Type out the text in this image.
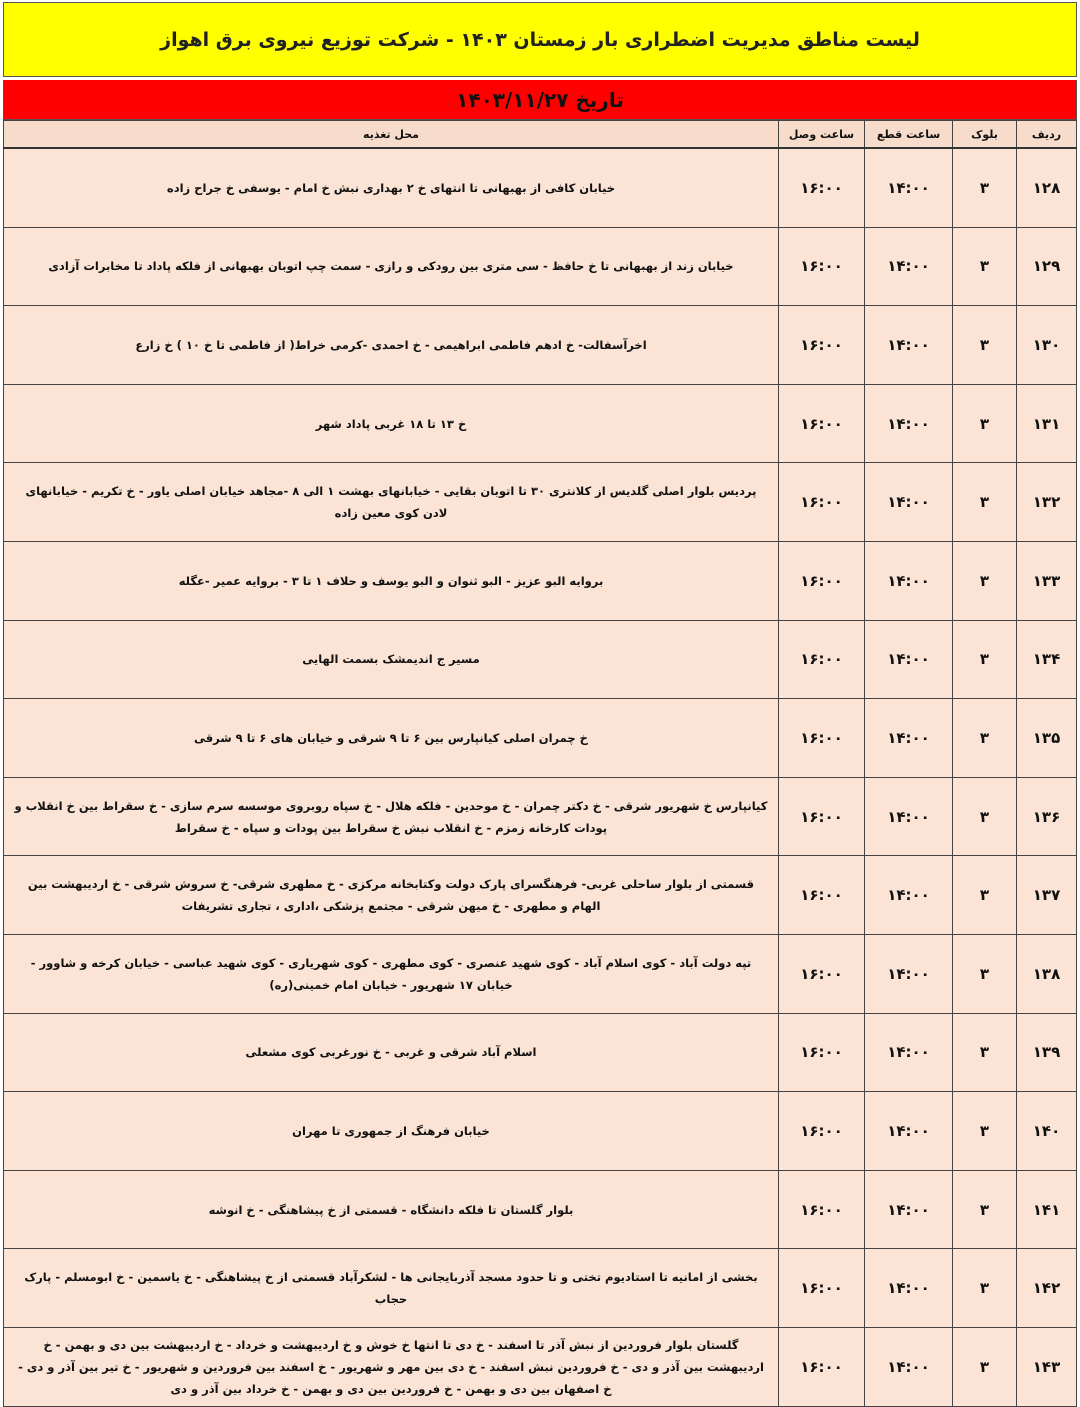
لیست مناطق مدیریت اضطراری بار زمستان ۱۴۰۳ - شرکت توزیع نیروی برق اهواز
تاریخ ۱۴۰۳/۱۱/۲۷
ردیف	بلوک	ساعت قطع	ساعت وصل	محل تغذیه
۱۲۸	۳	۱۴:۰۰	۱۶:۰۰	خیابان کافی از بهبهانی تا انتهای خ ۲ بهداری نبش خ امام - یوسفی خ جراح زاده
۱۲۹	۳	۱۴:۰۰	۱۶:۰۰	خیابان زند از بهبهانی تا خ حافظ - سی متری بین رودکی و رازی - سمت چپ اتوبان بهبهانی از فلکه پاداد تا مخابرات آزادی
۱۳۰	۳	۱۴:۰۰	۱۶:۰۰	اخرآسفالت- خ ادهم فاطمی ابراهیمی - خ احمدی -کرمی خراط( از فاطمی تا خ ۱۰ ) خ زارع
۱۳۱	۳	۱۴:۰۰	۱۶:۰۰	خ ۱۳ تا ۱۸ غربی پاداد شهر
۱۳۲	۳	۱۴:۰۰	۱۶:۰۰	پردیس بلوار اصلی گلدیس از کلانتری ۳۰ تا اتوبان بقایی - خیابانهای بهشت ۱ الی ۸ -مجاهد خیابان اصلی یاور - خ تکریم - خیابانهای لادن کوی معین زاده
۱۳۳	۳	۱۴:۰۰	۱۶:۰۰	بروایه البو عزیز - البو ثنوان و البو یوسف و حلاف ۱ تا ۳ - بروایه عمیر -عگله
۱۳۴	۳	۱۴:۰۰	۱۶:۰۰	مسیر ج اندیمشک بسمت الهایی
۱۳۵	۳	۱۴:۰۰	۱۶:۰۰	خ چمران اصلی کیانپارس بین ۶ تا ۹ شرقی و خیابان های ۶ تا ۹ شرقی
۱۳۶	۳	۱۴:۰۰	۱۶:۰۰	کیانپارس خ شهریور شرقی - خ دکتر چمران - خ موحدین - فلکه هلال - خ سپاه روبروی موسسه سرم سازی - خ سقراط بین خ انقلاب و پودات کارخانه زمزم - خ انقلاب نبش خ سقراط بین پودات و سپاه - خ سقراط
۱۳۷	۳	۱۴:۰۰	۱۶:۰۰	قسمتی از بلوار ساحلی غربی- فرهنگسرای پارک دولت وکتابخانه مرکزی - خ مطهری شرقی- خ سروش شرقی - خ اردیبهشت بین الهام و مطهری - خ میهن شرقی - مجتمع پزشکی ،اداری ، تجاری تشریفات
۱۳۸	۳	۱۴:۰۰	۱۶:۰۰	تپه دولت آباد - کوی اسلام آباد - کوی شهید عنصری - کوی مطهری - کوی شهریاری - کوی شهید عباسی - خیابان کرخه و شاوور - خیابان ۱۷ شهریور - خیابان امام خمینی(ره)
۱۳۹	۳	۱۴:۰۰	۱۶:۰۰	اسلام آباد شرقی و غربی - خ نورغربی کوی مشعلی
۱۴۰	۳	۱۴:۰۰	۱۶:۰۰	خیابان فرهنگ از جمهوری تا مهران
۱۴۱	۳	۱۴:۰۰	۱۶:۰۰	بلوار گلستان تا فلکه دانشگاه - قسمتی از خ پیشاهنگی - خ انوشه
۱۴۲	۳	۱۴:۰۰	۱۶:۰۰	بخشی از امانیه تا استادیوم تختی و تا حدود مسجد آذربایجانی ها - لشکرآباد قسمتی از خ پیشاهنگی - خ یاسمین - خ ابومسلم - پارک حجاب
۱۴۳	۳	۱۴:۰۰	۱۶:۰۰	گلستان بلوار فروردین از نبش آذر تا اسفند - خ دی تا انتها خ خوش و خ اردیبهشت و خرداد - خ اردیبهشت بین دی و بهمن - خ اردیبهشت بین آذر و دی - خ فروردین نبش اسفند - خ دی بین مهر و شهریور - خ اسفند بین فروردین و شهریور - خ تیر بین آذر و دی - خ اصفهان بین دی و بهمن - خ فروردین بین دی و بهمن - خ خرداد بین آذر و دی
